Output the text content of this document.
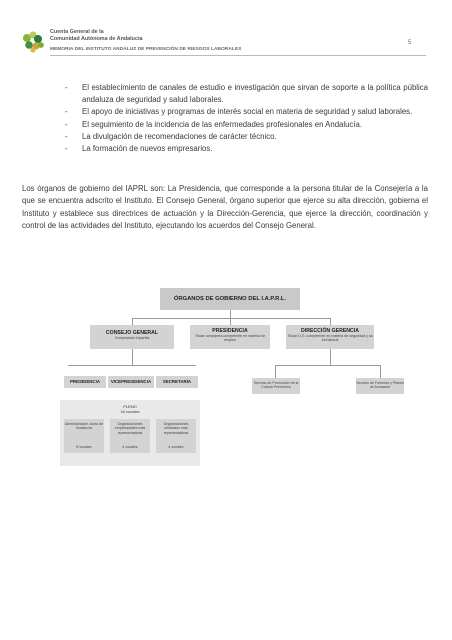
Cuenta General de la
Comunidad Autónoma de Andalucía
MEMORIA DEL INSTITUTO ANDALUZ DE PREVENCIÓN DE RIESGOS LABORALES
5
- El establecimiento de canales de estudio e investigación que sirvan de soporte a la política pública andaluza de seguridad y salud laborales.
- El apoyo de iniciativas y programas de interés social en materia de seguridad y salud laborales.
- El seguimiento de la incidencia de las enfermedades profesionales en Andalucía.
- La divulgación de recomendaciones de carácter técnico.
- La formación de nuevos empresarios.

Los órganos de gobierno del IAPRL son: La Presidencia, que corresponde a la persona titular de la Consejería a la que se encuentra adscrito el Instituto. El Consejo General, órgano superior que ejerce su alta dirección, gobierna el Instituto y establece sus directrices de actuación y la Dirección-Gerencia, que ejerce la dirección, coordinación y control de las actividades del Instituto, ejecutando los acuerdos del Consejo General.

ÓRGANOS DE GOBIERNO DEL I.A.P.R.L.
CONSEJO GENERAL
Composición tripartita
PRESIDENCIA
Titular consejería competente en materia de empleo
DIRECCIÓN GERENCIA
Titular D.G. competente en materia de seguridad y sa lud laboral
PRESIDENCIA	VICEPRESIDENCIA	SECRETARÍA
PLENO
16 vocales
Administración Junta de Andalucía
8 vocales
Organizaciones empresariales más representativas
4 vocales
Organizaciones sindicales más representativas
4 vocales
Servicio de Promoción de la Cultura Preventiva
Servicio de Fomento y Planes de Actuación
